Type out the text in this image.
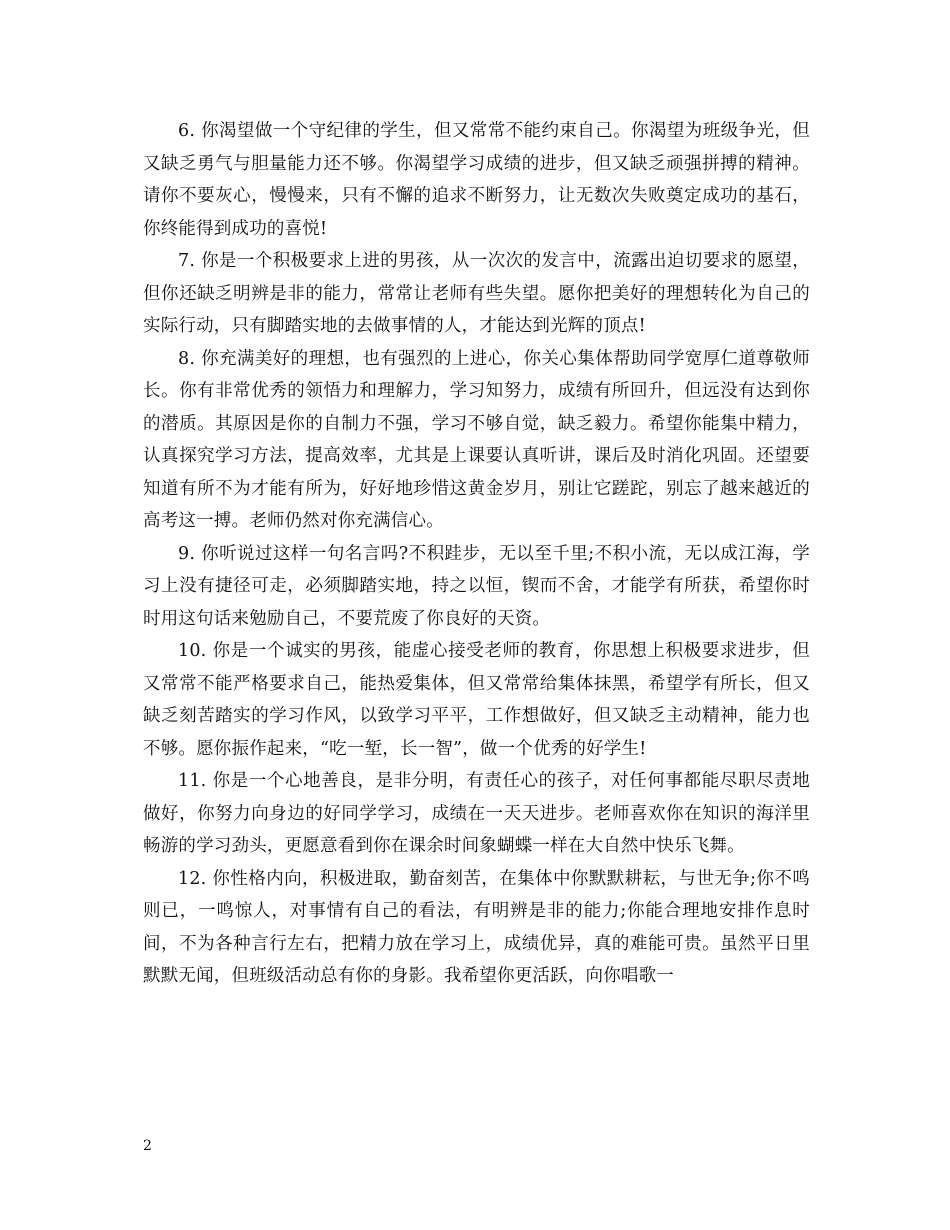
6. 你渴望做一个守纪律的学生，但又常常不能约束自己。你渴望为班级争光，但又缺乏勇气与胆量能力还不够。你渴望学习成绩的进步，但又缺乏顽强拼搏的精神。请你不要灰心，慢慢来，只有不懈的追求不断努力，让无数次失败奠定成功的基石，你终能得到成功的喜悦!

7. 你是一个积极要求上进的男孩，从一次次的发言中，流露出迫切要求的愿望，但你还缺乏明辨是非的能力，常常让老师有些失望。愿你把美好的理想转化为自己的实际行动，只有脚踏实地的去做事情的人，才能达到光辉的顶点!

8. 你充满美好的理想，也有强烈的上进心，你关心集体帮助同学宽厚仁道尊敬师长。你有非常优秀的领悟力和理解力，学习知努力，成绩有所回升，但远没有达到你的潜质。其原因是你的自制力不强，学习不够自觉，缺乏毅力。希望你能集中精力，认真探究学习方法，提高效率，尤其是上课要认真听讲，课后及时消化巩固。还望要知道有所不为才能有所为，好好地珍惜这黄金岁月，别让它蹉跎，别忘了越来越近的高考这一搏。老师仍然对你充满信心。

9. 你听说过这样一句名言吗?不积跬步，无以至千里;不积小流，无以成江海，学习上没有捷径可走，必须脚踏实地，持之以恒，锲而不舍，才能学有所获，希望你时时用这句话来勉励自己，不要荒废了你良好的天资。

10. 你是一个诚实的男孩，能虚心接受老师的教育，你思想上积极要求进步，但又常常不能严格要求自己，能热爱集体，但又常常给集体抹黑，希望学有所长，但又缺乏刻苦踏实的学习作风，以致学习平平，工作想做好，但又缺乏主动精神，能力也不够。愿你振作起来，“吃一堑，长一智”，做一个优秀的好学生!

11. 你是一个心地善良，是非分明，有责任心的孩子，对任何事都能尽职尽责地做好，你努力向身边的好同学学习，成绩在一天天进步。老师喜欢你在知识的海洋里畅游的学习劲头，更愿意看到你在课余时间象蝴蝶一样在大自然中快乐飞舞。

12. 你性格内向，积极进取，勤奋刻苦，在集体中你默默耕耘，与世无争;你不鸣则已，一鸣惊人，对事情有自己的看法，有明辨是非的能力;你能合理地安排作息时间，不为各种言行左右，把精力放在学习上，成绩优异，真的难能可贵。虽然平日里默默无闻，但班级活动总有你的身影。我希望你更活跃，向你唱歌一

2
